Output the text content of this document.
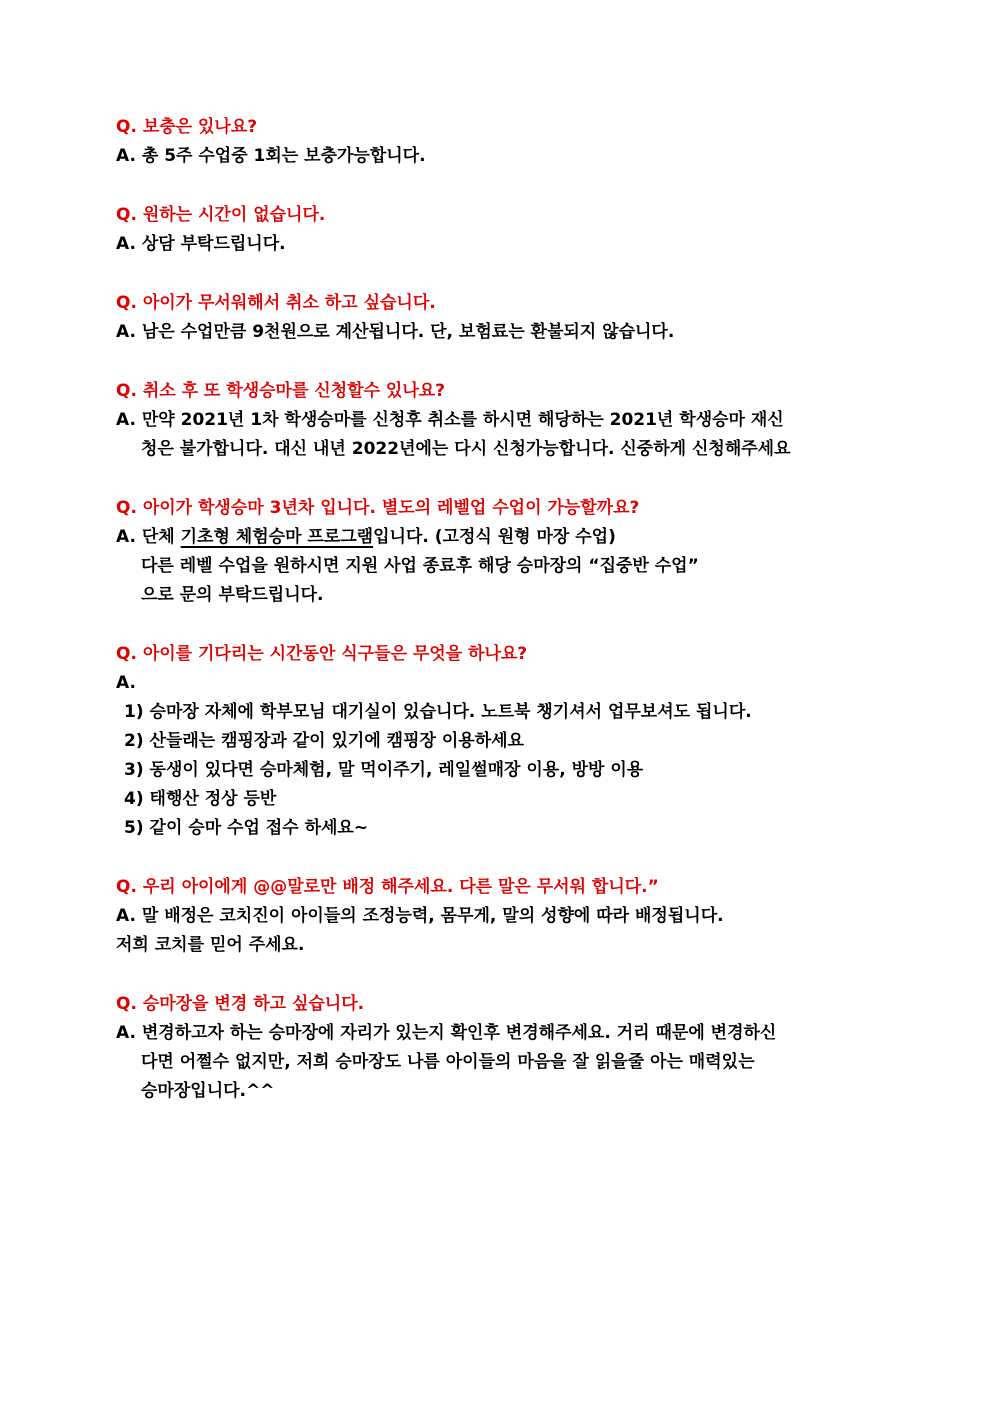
Q. 보충은 있나요?
A. 총 5주 수업중 1회는 보충가능합니다.
Q. 원하는 시간이 없습니다.
A. 상담 부탁드립니다.
Q. 아이가 무서워해서 취소 하고 싶습니다.
A. 남은 수업만큼 9천원으로 계산됩니다. 단, 보험료는 환불되지 않습니다.
Q. 취소 후 또 학생승마를 신청할수 있나요?
A. 만약 2021년 1차 학생승마를 신청후 취소를 하시면 해당하는 2021년 학생승마 재신
청은 불가합니다. 대신 내년 2022년에는 다시 신청가능합니다. 신중하게 신청해주세요
Q. 아이가 학생승마 3년차 입니다. 별도의 레벨업 수업이 가능할까요?
A. 단체 기초형 체험승마 프로그램입니다. (고정식 원형 마장 수업)
다른 레벨 수업을 원하시면 지원 사업 종료후 해당 승마장의 “집중반 수업”
으로 문의 부탁드립니다.
Q. 아이를 기다리는 시간동안 식구들은 무엇을 하나요?
A.
1) 승마장 자체에 학부모님 대기실이 있습니다. 노트북 챙기셔서 업무보셔도 됩니다.
2) 산들래는 캠핑장과 같이 있기에 캠핑장 이용하세요
3) 동생이 있다면 승마체험, 말 먹이주기, 레일썰매장 이용, 방방 이용
4) 태행산 정상 등반
5) 같이 승마 수업 접수 하세요~
Q. 우리 아이에게 @@말로만 배정 해주세요. 다른 말은 무서워 합니다.”
A. 말 배정은 코치진이 아이들의 조정능력, 몸무게, 말의 성향에 따라 배정됩니다.
저희 코치를 믿어 주세요.
Q. 승마장을 변경 하고 싶습니다.
A. 변경하고자 하는 승마장에 자리가 있는지 확인후 변경해주세요. 거리 때문에 변경하신
다면 어쩔수 없지만, 저희 승마장도 나름 아이들의 마음을 잘 읽을줄 아는 매력있는
승마장입니다.^^
